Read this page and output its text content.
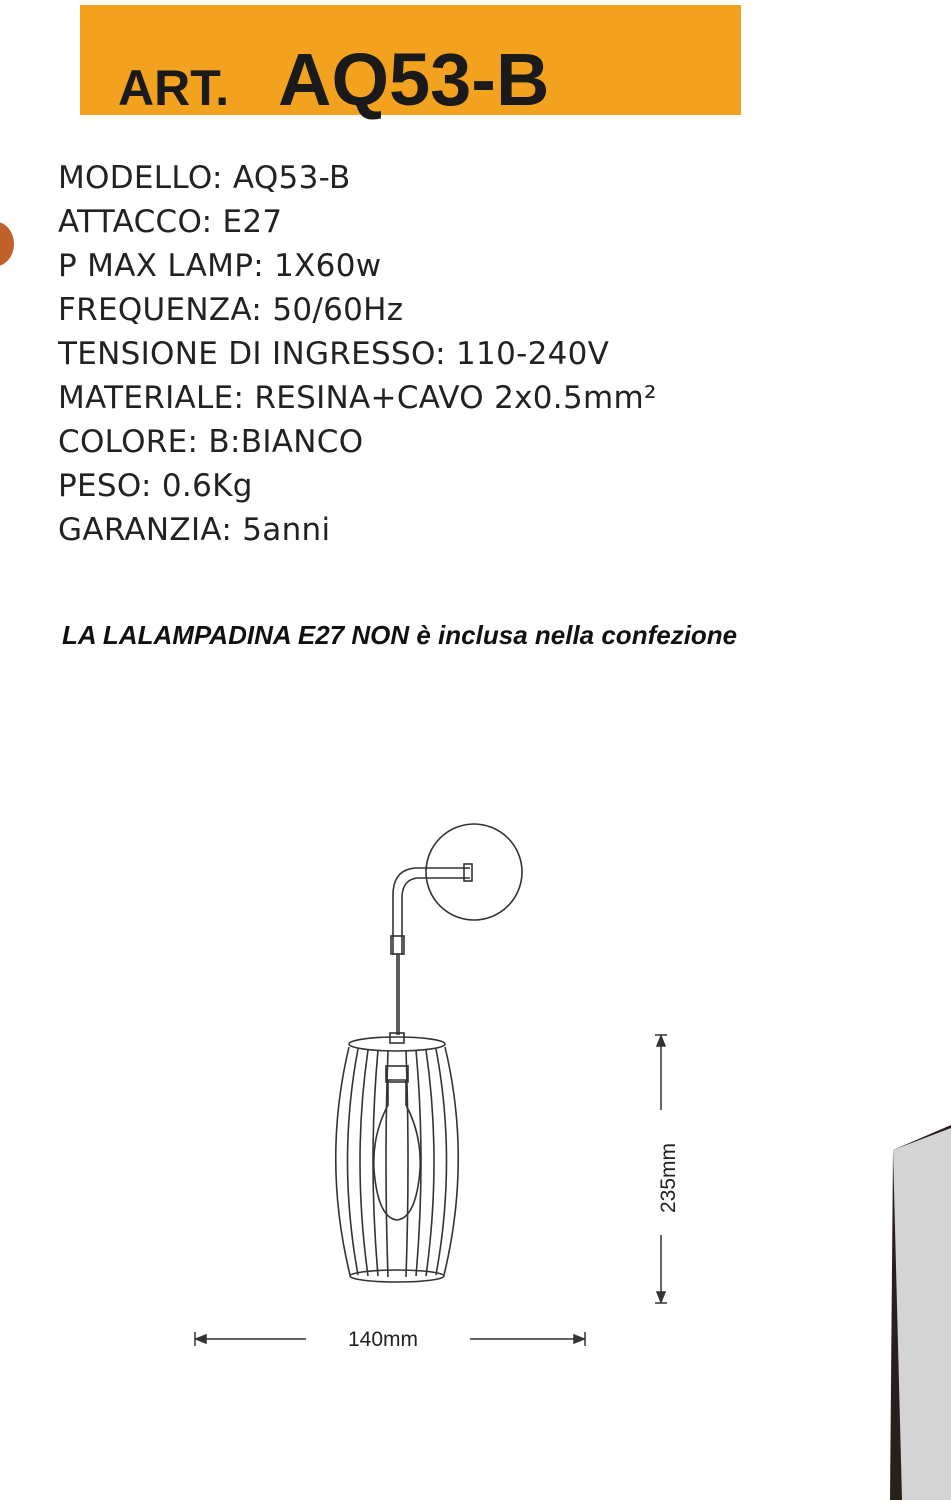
ART. AQ53-B
MODELLO: AQ53-B
ATTACCO: E27
P MAX LAMP: 1X60w
FREQUENZA: 50/60Hz
TENSIONE DI INGRESSO: 110-240V
MATERIALE: RESINA+CAVO 2x0.5mm²
COLORE: B:BIANCO
PESO: 0.6Kg
GARANZIA: 5anni
LA LALAMPADINA E27 NON è inclusa nella confezione
235mm
140mm
